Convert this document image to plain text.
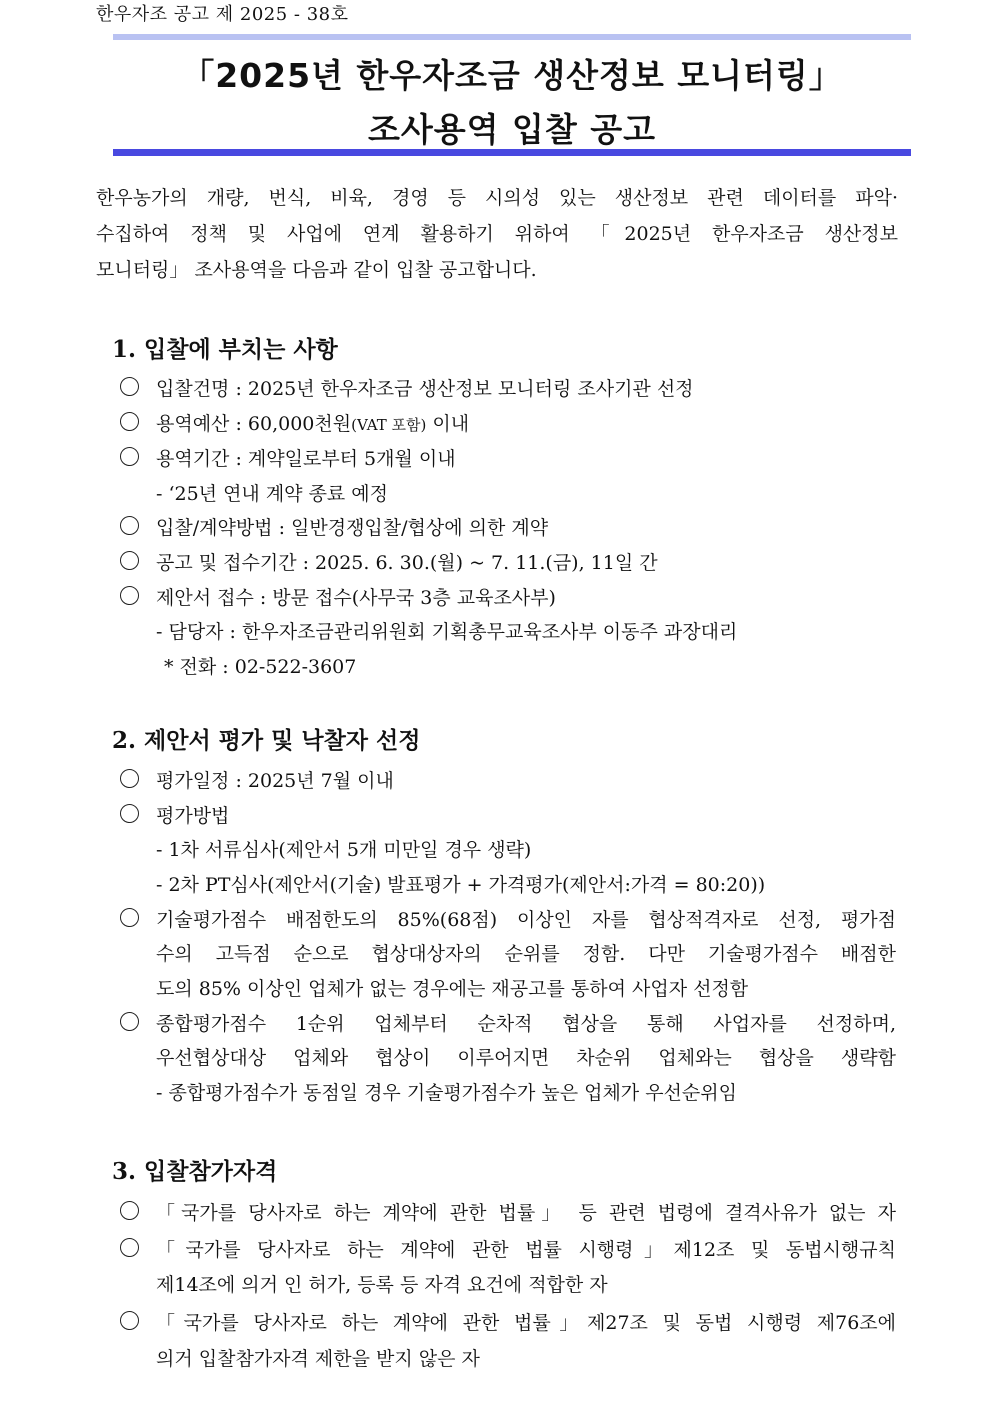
한우자조 공고 제 2025 - 38호
「2025년 한우자조금 생산정보 모니터링」
조사용역 입찰 공고
한우농가의 개량, 번식, 비육, 경영 등 시의성 있는 생산정보 관련 데이터를 파악·
수집하여 정책 및 사업에 연계 활용하기 위하여 「2025년 한우자조금 생산정보
모니터링」 조사용역을 다음과 같이 입찰 공고합니다.
1. 입찰에 부치는 사항
입찰건명 : 2025년 한우자조금 생산정보 모니터링 조사기관 선정
용역예산 : 60,000천원(VAT 포함) 이내
용역기간 : 계약일로부터 5개월 이내
- ‘25년 연내 계약 종료 예정
입찰/계약방법 : 일반경쟁입찰/협상에 의한 계약
공고 및 접수기간 : 2025. 6. 30.(월) ~ 7. 11.(금), 11일 간
제안서 접수 : 방문 접수(사무국 3층 교육조사부)
- 담당자 : 한우자조금관리위원회 기획총무교육조사부 이동주 과장대리
* 전화 : 02-522-3607
2. 제안서 평가 및 낙찰자 선정
평가일정 : 2025년 7월 이내
평가방법
- 1차 서류심사(제안서 5개 미만일 경우 생략)
- 2차 PT심사(제안서(기술) 발표평가 + 가격평가(제안서:가격 = 80:20))
기술평가점수 배점한도의 85%(68점) 이상인 자를 협상적격자로 선정, 평가점
수의 고득점 순으로 협상대상자의 순위를 정함. 다만 기술평가점수 배점한
도의 85% 이상인 업체가 없는 경우에는 재공고를 통하여 사업자 선정함
종합평가점수 1순위 업체부터 순차적 협상을 통해 사업자를 선정하며,
우선협상대상 업체와 협상이 이루어지면 차순위 업체와는 협상을 생략함
- 종합평가점수가 동점일 경우 기술평가점수가 높은 업체가 우선순위임
3. 입찰참가자격
「국가를 당사자로 하는 계약에 관한 법률」 등 관련 법령에 결격사유가 없는 자
「국가를 당사자로 하는 계약에 관한 법률 시행령」제12조 및 동법시행규칙
제14조에 의거 인 허가, 등록 등 자격 요건에 적합한 자
「국가를 당사자로 하는 계약에 관한 법률」제27조 및 동법 시행령 제76조에
의거 입찰참가자격 제한을 받지 않은 자
